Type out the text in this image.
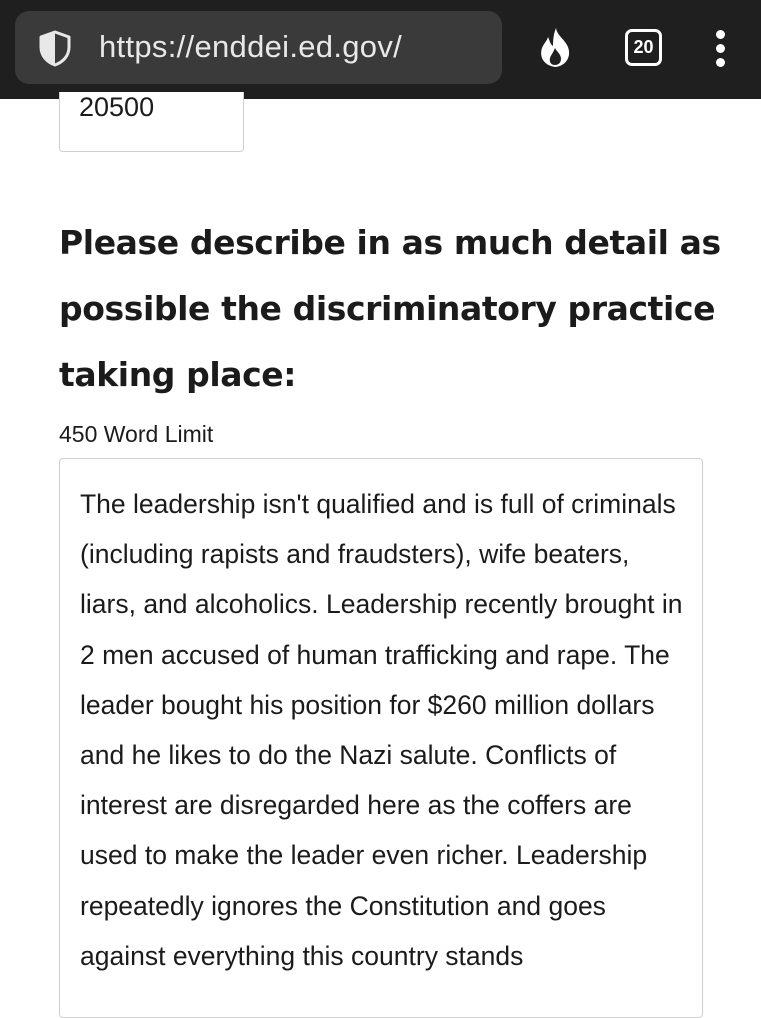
https://enddei.ed.gov/	20
20500
Please describe in as much detail as possible the discriminatory practice taking place:
450 Word Limit
The leadership isn't qualified and is full of criminals (including rapists and fraudsters), wife beaters, liars, and alcoholics. Leadership recently brought in 2 men accused of human trafficking and rape. The leader bought his position for $260 million dollars and he likes to do the Nazi salute. Conflicts of interest are disregarded here as the coffers are used to make the leader even richer. Leadership repeatedly ignores the Constitution and goes against everything this country stands
